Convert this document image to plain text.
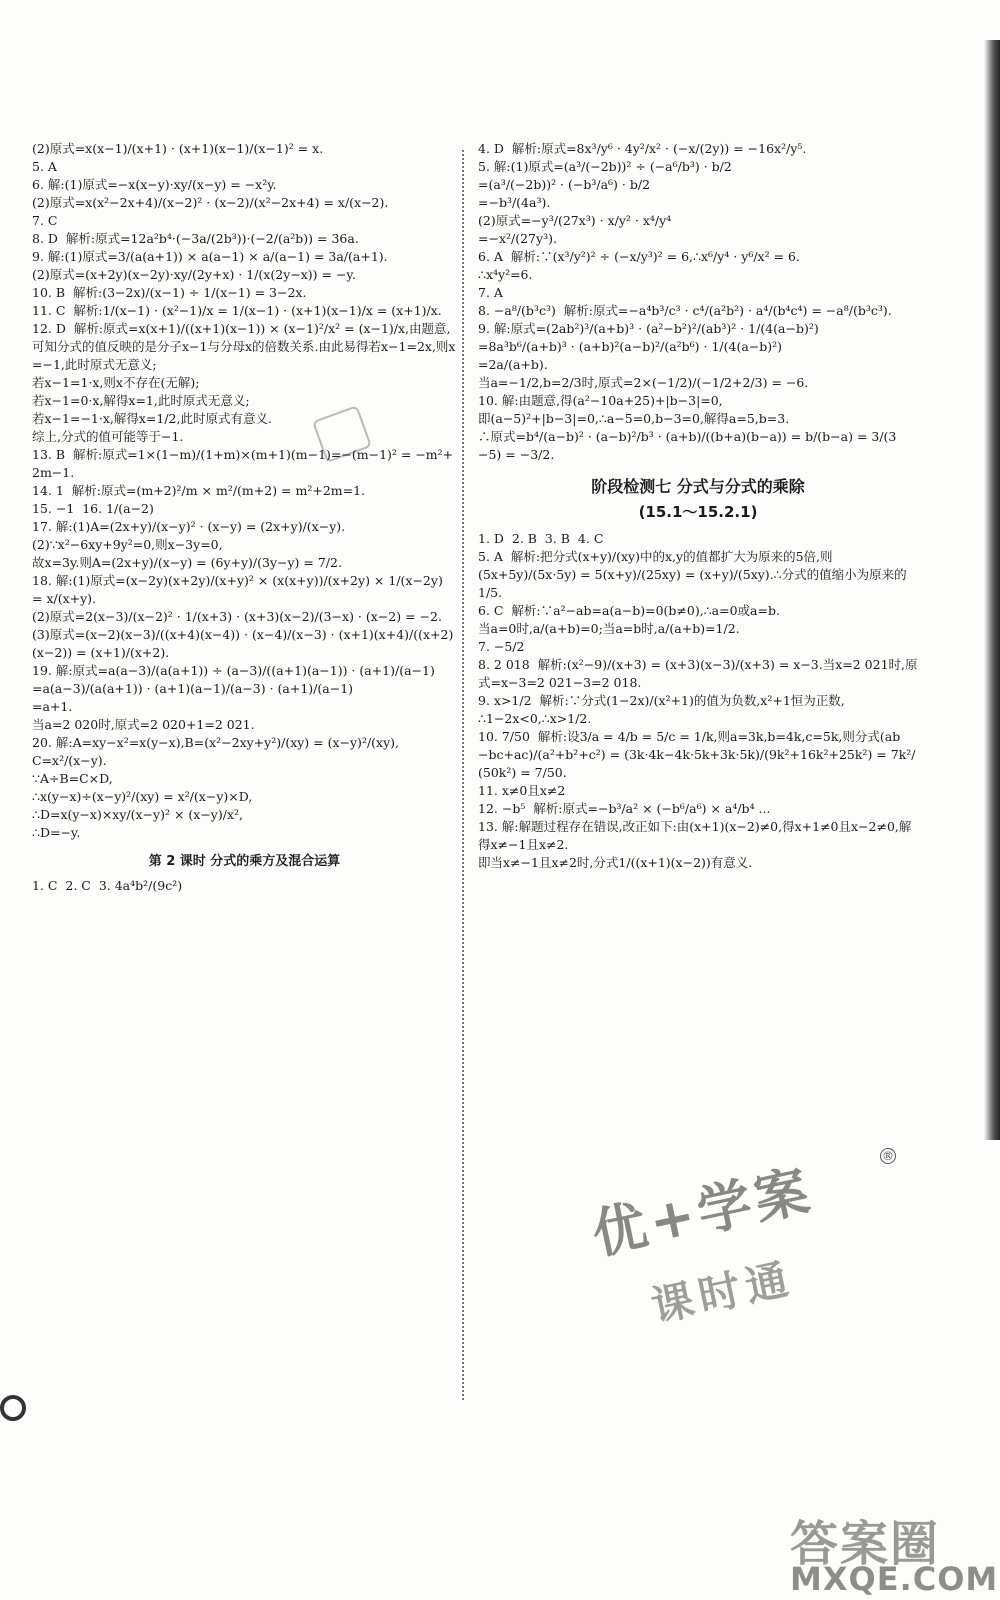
(2)原式=x(x−1)/(x+1) · (x+1)(x−1)/(x−1)² = x.

5. A

6. 解:(1)原式=−x(x−y)·xy/(x−y) = −x²y.

(2)原式=x(x²−2x+4)/(x−2)² · (x−2)/(x²−2x+4) = x/(x−2).

7. C

8. D  解析:原式=12a²b⁴·(−3a/(2b³))·(−2/(a²b)) = 36a.

9. 解:(1)原式=3/(a(a+1)) × a(a−1) × a/(a−1) = 3a/(a+1).

(2)原式=(x+2y)(x−2y)·xy/(2y+x) · 1/(x(2y−x)) = −y.

10. B  解析:(3−2x)/(x−1) ÷ 1/(x−1) = 3−2x.

11. C  解析:1/(x−1) · (x²−1)/x = 1/(x−1) · (x+1)(x−1)/x = (x+1)/x.

12. D  解析:原式=x(x+1)/((x+1)(x−1)) × (x−1)²/x² = (x−1)/x,由题意,可知分式的值反映的是分子x−1与分母x的倍数关系.由此易得若x−1=2x,则x=−1,此时原式无意义;

若x−1=1·x,则x不存在(无解);

若x−1=0·x,解得x=1,此时原式无意义;

若x−1=−1·x,解得x=1/2,此时原式有意义.

综上,分式的值可能等于−1.

13. B  解析:原式=1×(1−m)/(1+m)×(m+1)(m−1)=−(m−1)² = −m²+2m−1.

14. 1  解析:原式=(m+2)²/m × m²/(m+2) = m²+2m=1.

15. −1  16. 1/(a−2)

17. 解:(1)A=(2x+y)/(x−y)² · (x−y) = (2x+y)/(x−y).

(2)∵x²−6xy+9y²=0,则x−3y=0,

故x=3y.则A=(2x+y)/(x−y) = (6y+y)/(3y−y) = 7/2.

18. 解:(1)原式=(x−2y)(x+2y)/(x+y)² × (x(x+y))/(x+2y) × 1/(x−2y) = x/(x+y).

(2)原式=2(x−3)/(x−2)² · 1/(x+3) · (x+3)(x−2)/(3−x) · (x−2) = −2.

(3)原式=(x−2)(x−3)/((x+4)(x−4)) · (x−4)/(x−3) · (x+1)(x+4)/((x+2)(x−2)) = (x+1)/(x+2).

19. 解:原式=a(a−3)/(a(a+1)) ÷ (a−3)/((a+1)(a−1)) · (a+1)/(a−1)

=a(a−3)/(a(a+1)) · (a+1)(a−1)/(a−3) · (a+1)/(a−1)

=a+1.

当a=2 020时,原式=2 020+1=2 021.

20. 解:A=xy−x²=x(y−x),B=(x²−2xy+y²)/(xy) = (x−y)²/(xy),

C=x²/(x−y).

∵A÷B=C×D,

∴x(y−x)÷(x−y)²/(xy) = x²/(x−y)×D,

∴D=x(y−x)×xy/(x−y)² × (x−y)/x²,

∴D=−y.

第 2 课时 分式的乘方及混合运算

1. C  2. C  3. 4a⁴b²/(9c²)

4. D  解析:原式=8x³/y⁶ · 4y²/x² · (−x/(2y)) = −16x²/y⁵.

5. 解:(1)原式=(a³/(−2b))² ÷ (−a⁶/b³) · b/2

=(a³/(−2b))² · (−b³/a⁶) · b/2

=−b³/(4a³).

(2)原式=−y³/(27x³) · x/y² · x⁴/y⁴

=−x²/(27y³).

6. A  解析:∵(x³/y²)² ÷ (−x/y³)² = 6,∴x⁶/y⁴ · y⁶/x² = 6.

∴x⁴y²=6.

7. A

8. −a⁸/(b³c³)  解析:原式=−a⁴b³/c³ · c⁴/(a²b²) · a⁴/(b⁴c⁴) = −a⁸/(b³c³).

9. 解:原式=(2ab²)³/(a+b)³ · (a²−b²)²/(ab³)² · 1/(4(a−b)²)

=8a³b⁶/(a+b)³ · (a+b)²(a−b)²/(a²b⁶) · 1/(4(a−b)²)

=2a/(a+b).

当a=−1/2,b=2/3时,原式=2×(−1/2)/(−1/2+2/3) = −6.

10. 解:由题意,得(a²−10a+25)+|b−3|=0,

即(a−5)²+|b−3|=0,∴a−5=0,b−3=0,解得a=5,b=3.

∴原式=b⁴/(a−b)² · (a−b)²/b³ · (a+b)/((b+a)(b−a)) = b/(b−a) = 3/(3−5) = −3/2.

阶段检测七 分式与分式的乘除
(15.1～15.2.1)

1. D  2. B  3. B  4. C

5. A  解析:把分式(x+y)/(xy)中的x,y的值都扩大为原来的5倍,则

(5x+5y)/(5x·5y) = 5(x+y)/(25xy) = (x+y)/(5xy).∴分式的值缩小为原来的1/5.

6. C  解析:∵a²−ab=a(a−b)=0(b≠0),∴a=0或a=b.

当a=0时,a/(a+b)=0;当a=b时,a/(a+b)=1/2.

7. −5/2

8. 2 018  解析:(x²−9)/(x+3) = (x+3)(x−3)/(x+3) = x−3.当x=2 021时,原式=x−3=2 021−3=2 018.

9. x>1/2  解析:∵分式(1−2x)/(x²+1)的值为负数,x²+1恒为正数,

∴1−2x<0,∴x>1/2.

10. 7/50  解析:设3/a = 4/b = 5/c = 1/k,则a=3k,b=4k,c=5k,则分式(ab−bc+ac)/(a²+b²+c²) = (3k·4k−4k·5k+3k·5k)/(9k²+16k²+25k²) = 7k²/(50k²) = 7/50.

11. x≠0且x≠2

12. −b⁵  解析:原式=−b³/a² × (−b⁶/a⁶) × a⁴/b⁴ ...

13. 解:解题过程存在错误,改正如下:由(x+1)(x−2)≠0,得x+1≠0且x−2≠0,解得x≠−1且x≠2.

即当x≠−1且x≠2时,分式1/((x+1)(x−2))有意义.

优+学案
课时通
®
答案圈
MXQE.COM
